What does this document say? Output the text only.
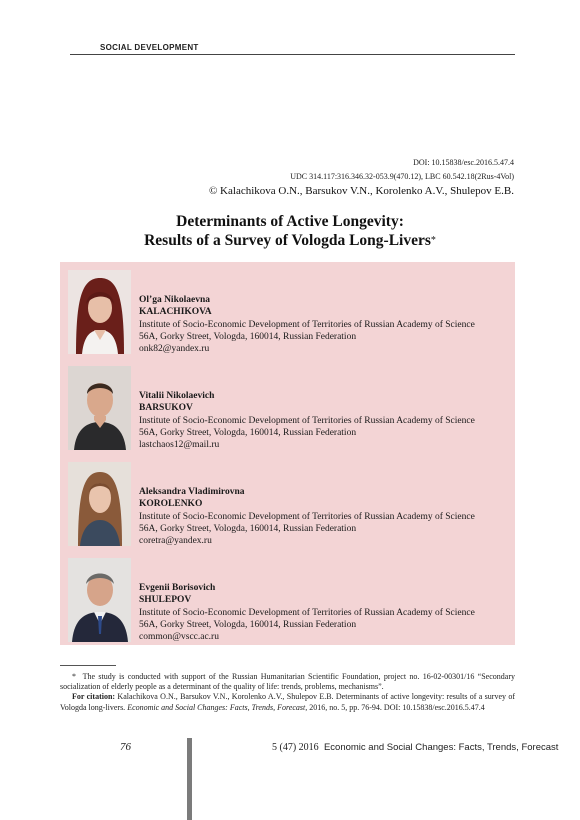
SOCIAL DEVELOPMENT
DOI: 10.15838/esc.2016.5.47.4
UDC 314.117:316.346.32-053.9(470.12), LBC 60.542.18(2Rus-4Vol)
© Kalachikova O.N., Barsukov V.N., Korolenko A.V., Shulepov E.B.
Determinants of Active Longevity:
Results of a Survey of Vologda Long-Livers*
Ol’ga Nikolaevna
KALACHIKOVA
Institute of Socio-Economic Development of Territories of Russian Academy of Science
56A, Gorky Street, Vologda, 160014, Russian Federation
onk82@yandex.ru
Vitalii Nikolaevich
BARSUKOV
Institute of Socio-Economic Development of Territories of Russian Academy of Science
56A, Gorky Street, Vologda, 160014, Russian Federation
lastchaos12@mail.ru
Aleksandra Vladimirovna
KOROLENKO
Institute of Socio-Economic Development of Territories of Russian Academy of Science
56A, Gorky Street, Vologda, 160014, Russian Federation
coretra@yandex.ru
Evgenii Borisovich
SHULEPOV
Institute of Socio-Economic Development of Territories of Russian Academy of Science
56A, Gorky Street, Vologda, 160014, Russian Federation
common@vscc.ac.ru

* The study is conducted with support of the Russian Humanitarian Scientific Foundation, project no. 16-02-00301/16 “Secondary socialization of elderly people as a determinant of the quality of life: trends, problems, mechanisms”.

For citation: Kalachikova O.N., Barsukov V.N., Korolenko A.V., Shulepov E.B. Determinants of active longevity: results of a survey of Vologda long-livers. Economic and Social Changes: Facts, Trends, Forecast, 2016, no. 5, pp. 76-94. DOI: 10.15838/esc.2016.5.47.4

76	5 (47) 2016 Economic and Social Changes: Facts, Trends, Forecast
